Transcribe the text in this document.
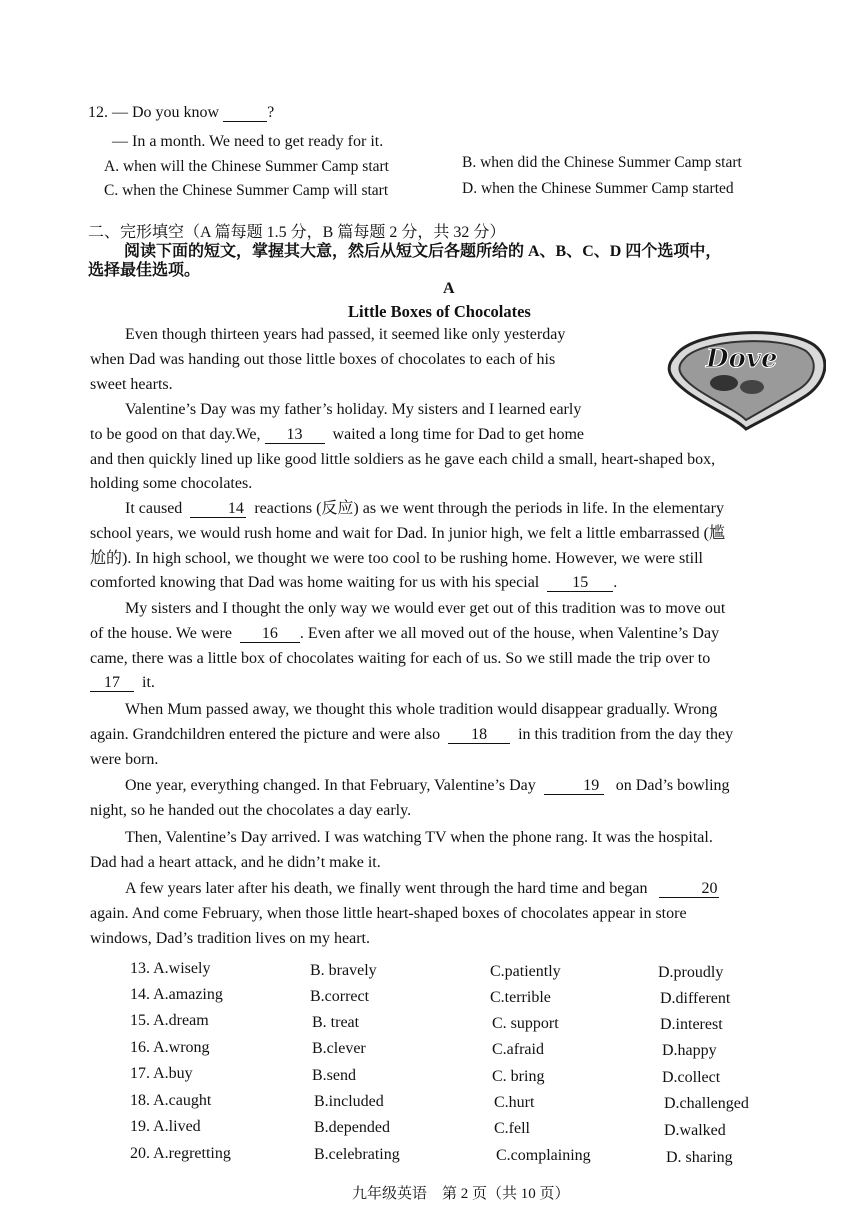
12. — Do you know	?
— In a month. We need to get ready for it.
A. when will the Chinese Summer Camp start	B. when did the Chinese Summer Camp start
C. when the Chinese Summer Camp will start	D. when the Chinese Summer Camp started
二、完形填空（A 篇每题 1.5 分，B 篇每题 2 分，共 32 分）
阅读下面的短文，掌握其大意，然后从短文后各题所给的 A、B、C、D 四个选项中，
选择最佳选项。
A
Little Boxes of Chocolates
Dove
Even though thirteen years had passed, it seemed like only yesterday
when Dad was handing out those little boxes of chocolates to each of his
sweet hearts.
Valentine’s Day was my father’s holiday. My sisters and I learned early
to be good on that day.We, 13 waited a long time for Dad to get home
and then quickly lined up like good little soldiers as he gave each child a small, heart-shaped box,
holding some chocolates.
It caused	14 reactions (反应) as we went through the periods in life. In the elementary
school years, we would rush home and wait for Dad. In junior high, we felt a little embarrassed (尴
尬的). In high school, we thought we were too cool to be rushing home. However, we were still
comforted knowing that Dad was home waiting for us with his special 15 .
My sisters and I thought the only way we would ever get out of this tradition was to move out
of the house. We were 16 . Even after we all moved out of the house, when Valentine’s Day
came, there was a little box of chocolates waiting for each of us. So we still made the trip over to
17 it.
When Mum passed away, we thought this whole tradition would disappear gradually. Wrong
again. Grandchildren entered the picture and were also 18 in this tradition from the day they
were born.
One year, everything changed. In that February, Valentine’s Day	19 on Dad’s bowling
night, so he handed out the chocolates a day early.
Then, Valentine’s Day arrived. I was watching TV when the phone rang. It was the hospital.
Dad had a heart attack, and he didn’t make it.
A few years later after his death, we finally went through the hard time and began	20
again. And come February, when those little heart-shaped boxes of chocolates appear in store
windows, Dad’s tradition lives on my heart.
13. A.wisely	B. bravely	C.patiently	D.proudly
14. A.amazing	B.correct	C.terrible	D.different
15. A.dream	B. treat	C. support	D.interest
16. A.wrong	B.clever	C.afraid	D.happy
17. A.buy	B.send	C. bring	D.collect
18. A.caught	B.included	C.hurt	D.challenged
19. A.lived	B.depended	C.fell	D.walked
20. A.regretting	B.celebrating	C.complaining	D. sharing
九年级英语　第 2 页（共 10 页）
